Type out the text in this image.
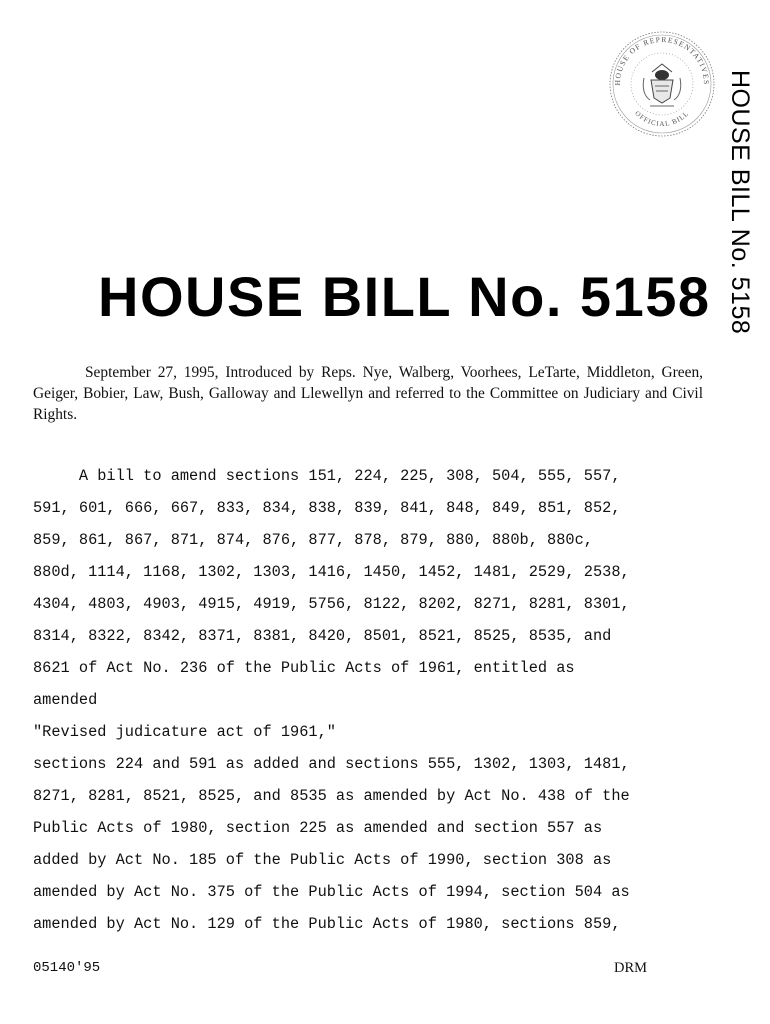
HOUSE OF REPRESENTATIVES
OFFICIAL BILL	HOUSE BILL No. 5158
HOUSE BILL No. 5158
September 27, 1995, Introduced by Reps. Nye, Walberg, Voorhees, LeTarte, Middleton, Green, Geiger, Bobier, Law, Bush, Galloway and Llewellyn and referred to the Committee on Judiciary and Civil Rights.
A bill to amend sections 151, 224, 225, 308, 504, 555, 557,
591, 601, 666, 667, 833, 834, 838, 839, 841, 848, 849, 851, 852,
859, 861, 867, 871, 874, 876, 877, 878, 879, 880, 880b, 880c,
880d, 1114, 1168, 1302, 1303, 1416, 1450, 1452, 1481, 2529, 2538,
4304, 4803, 4903, 4915, 4919, 5756, 8122, 8202, 8271, 8281, 8301,
8314, 8322, 8342, 8371, 8381, 8420, 8501, 8521, 8525, 8535, and
8621 of Act No. 236 of the Public Acts of 1961, entitled as
amended
"Revised judicature act of 1961,"
sections 224 and 591 as added and sections 555, 1302, 1303, 1481,
8271, 8281, 8521, 8525, and 8535 as amended by Act No. 438 of the
Public Acts of 1980, section 225 as amended and section 557 as
added by Act No. 185 of the Public Acts of 1990, section 308 as
amended by Act No. 375 of the Public Acts of 1994, section 504 as
amended by Act No. 129 of the Public Acts of 1980, sections 859,
05140'95	DRM
